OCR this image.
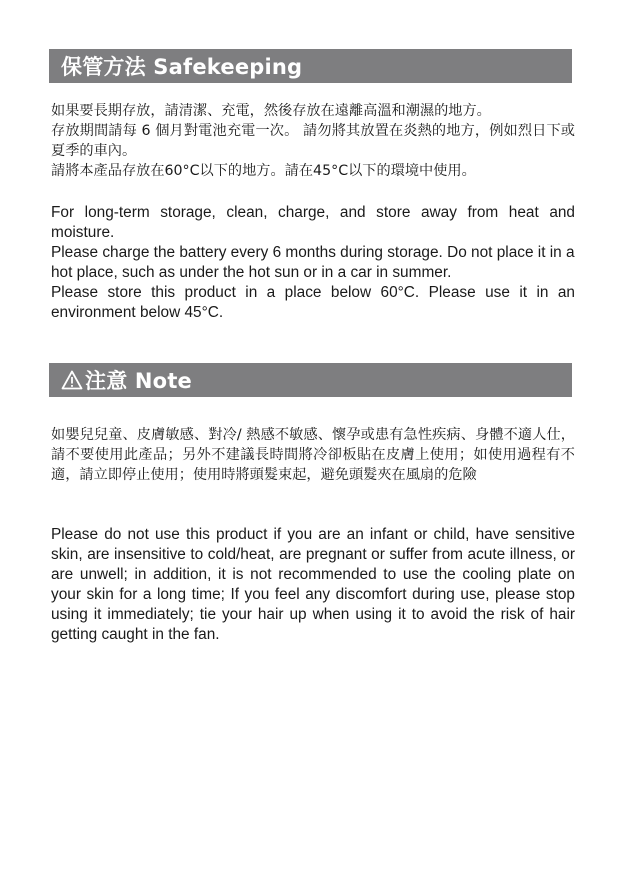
保管方法 Safekeeping
如果要長期存放，請清潔、充電，然後存放在遠離高溫和潮濕的地方。
存放期間請每 6 個月對電池充電一次。 請勿將其放置在炎熱的地方，例如烈日下或夏季的車內。
請將本產品存放在60°C以下的地方。請在45°C以下的環境中使用。
For long-term storage, clean, charge, and store away from heat and moisture.
Please charge the battery every 6 months during storage. Do not place it in a hot place, such as under the hot sun or in a car in summer.
Please store this product in a place below 60°C. Please use it in an environment below 45°C.
注意 Note
如嬰兒兒童、皮膚敏感、對冷/ 熱感不敏感、懷孕或患有急性疾病、身體不適人仕，請不要使用此產品；另外不建議長時間將冷卻板貼在皮膚上使用；如使用過程有不適，請立即停止使用；使用時將頭髮束起，避免頭髮夾在風扇的危險
Please do not use this product if you are an infant or child, have sensitive skin, are insensitive to cold/heat, are pregnant or suffer from acute illness, or are unwell; in addition, it is not recommended to use the cooling plate on your skin for a long time; If you feel any discomfort during use, please stop using it immediately; tie your hair up when using it to avoid the risk of hair getting caught in the fan.
